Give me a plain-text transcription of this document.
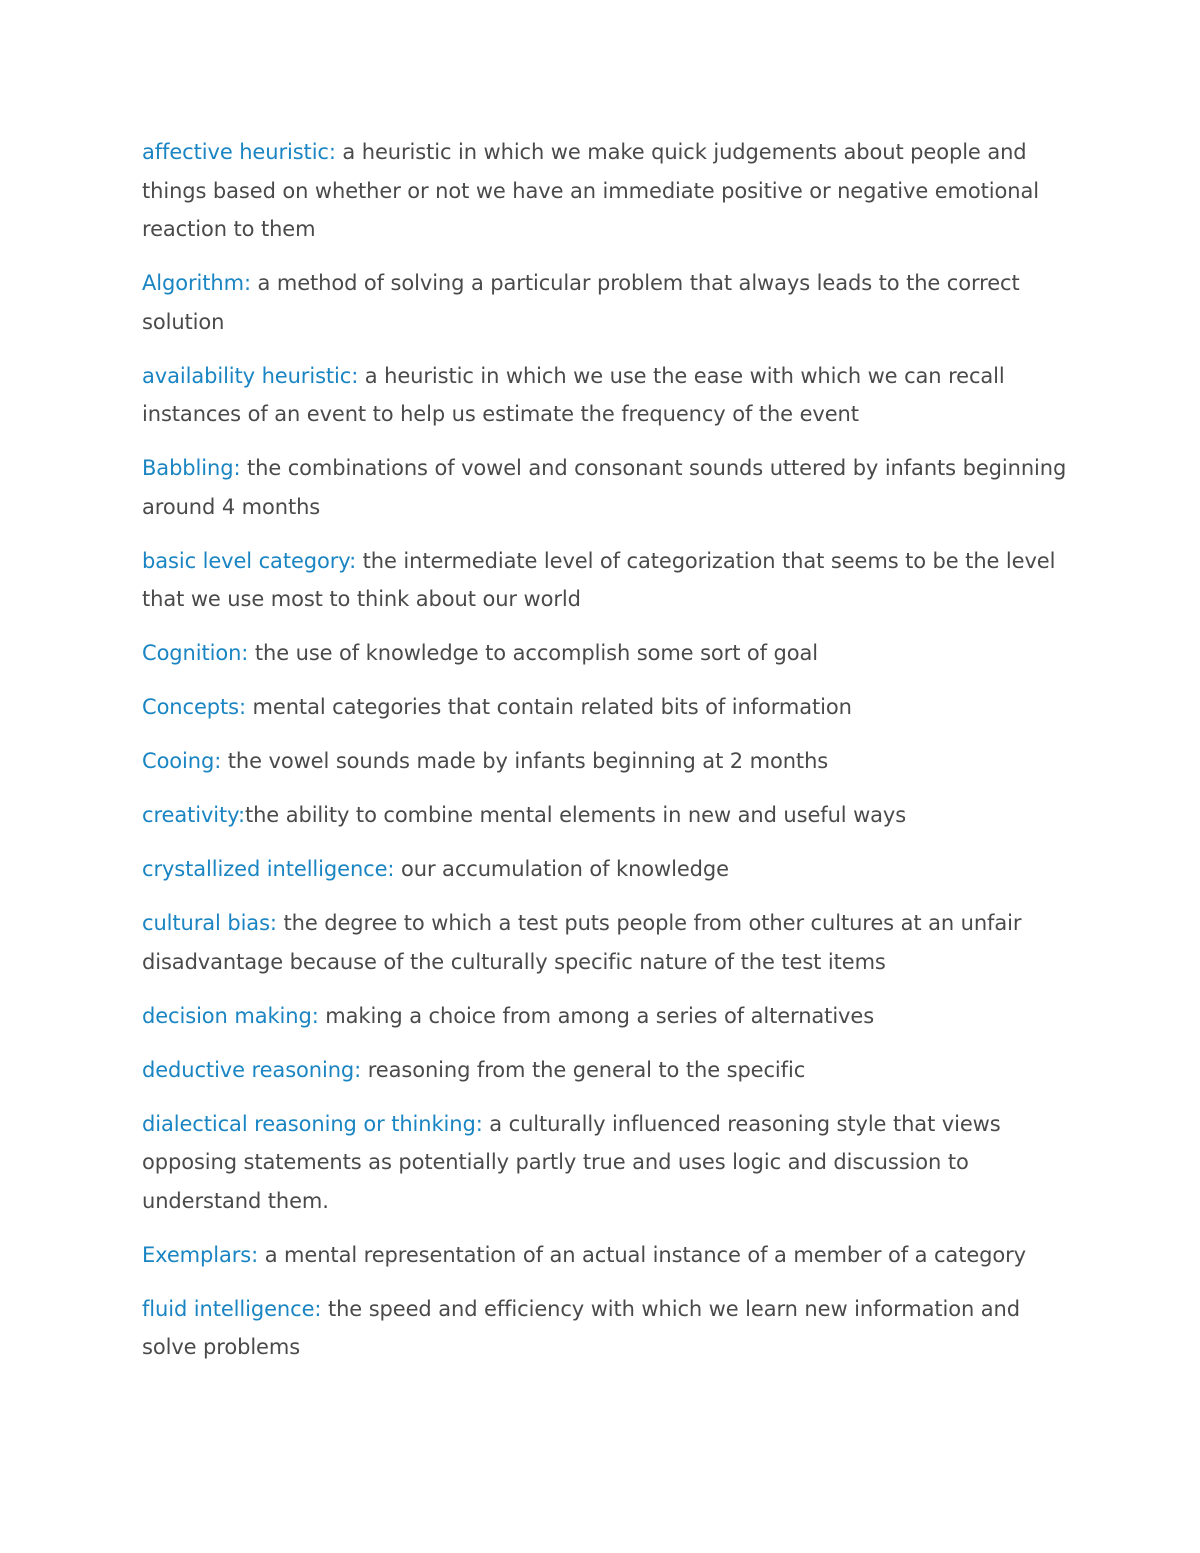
affective heuristic: a heuristic in which we make quick judgements about people and things based on whether or not we have an immediate positive or negative emotional reaction to them

Algorithm: a method of solving a particular problem that always leads to the correct solution

availability heuristic: a heuristic in which we use the ease with which we can recall instances of an event to help us estimate the frequency of the event

Babbling: the combinations of vowel and consonant sounds uttered by infants beginning around 4 months

basic level category: the intermediate level of categorization that seems to be the level that we use most to think about our world

Cognition: the use of knowledge to accomplish some sort of goal

Concepts: mental categories that contain related bits of information

Cooing: the vowel sounds made by infants beginning at 2 months

creativity:the ability to combine mental elements in new and useful ways

crystallized intelligence: our accumulation of knowledge

cultural bias: the degree to which a test puts people from other cultures at an unfair disadvantage because of the culturally specific nature of the test items

decision making: making a choice from among a series of alternatives

deductive reasoning: reasoning from the general to the specific

dialectical reasoning or thinking: a culturally influenced reasoning style that views opposing statements as potentially partly true and uses logic and discussion to understand them.

Exemplars: a mental representation of an actual instance of a member of a category

fluid intelligence: the speed and efficiency with which we learn new information and solve problems
